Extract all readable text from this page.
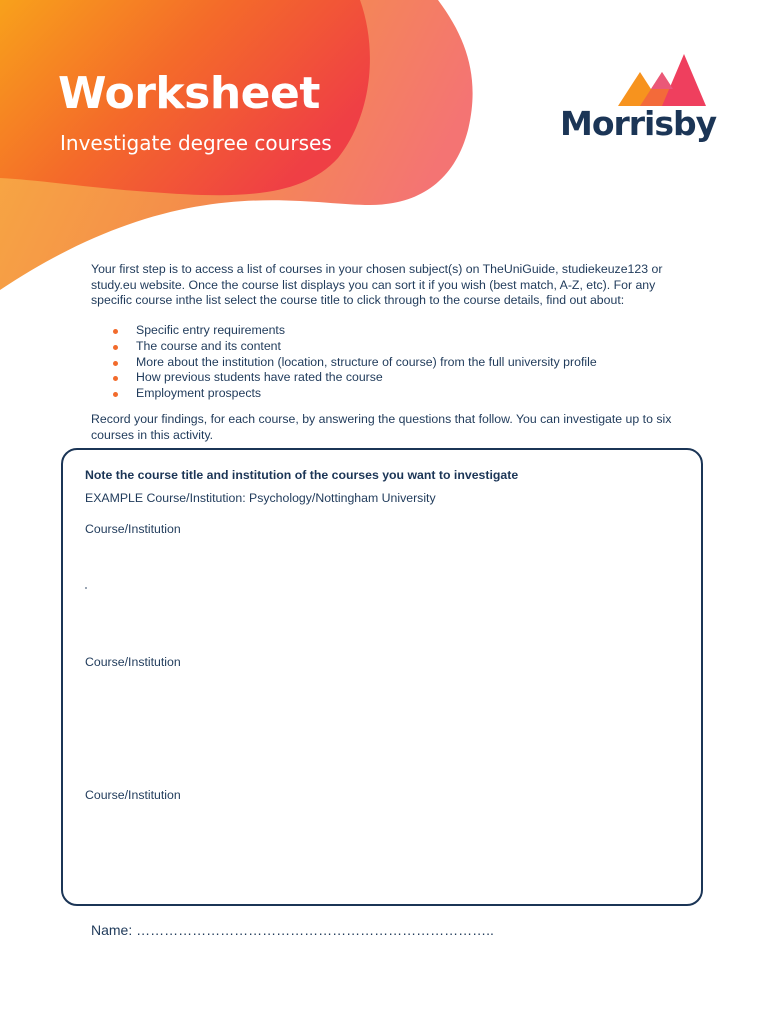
Worksheet

Investigate degree courses	Morrisby

Your first step is to access a list of courses in your chosen subject(s) on TheUniGuide, studiekeuze123 or study.eu website. Once the course list displays you can sort it if you wish (best match, A-Z, etc). For any specific course inthe list select the course title to click through to the course details, find out about:

Specific entry requirements
The course and its content
More about the institution (location, structure of course) from the full university profile
How previous students have rated the course
Employment prospects

Record your findings, for each course, by answering the questions that follow. You can investigate up to six courses in this activity.

Note the course title and institution of the courses you want to investigate

EXAMPLE Course/Institution: Psychology/Nottingham University

Course/Institution

Course/Institution

Course/Institution

Name: …………………………………………………………………..
